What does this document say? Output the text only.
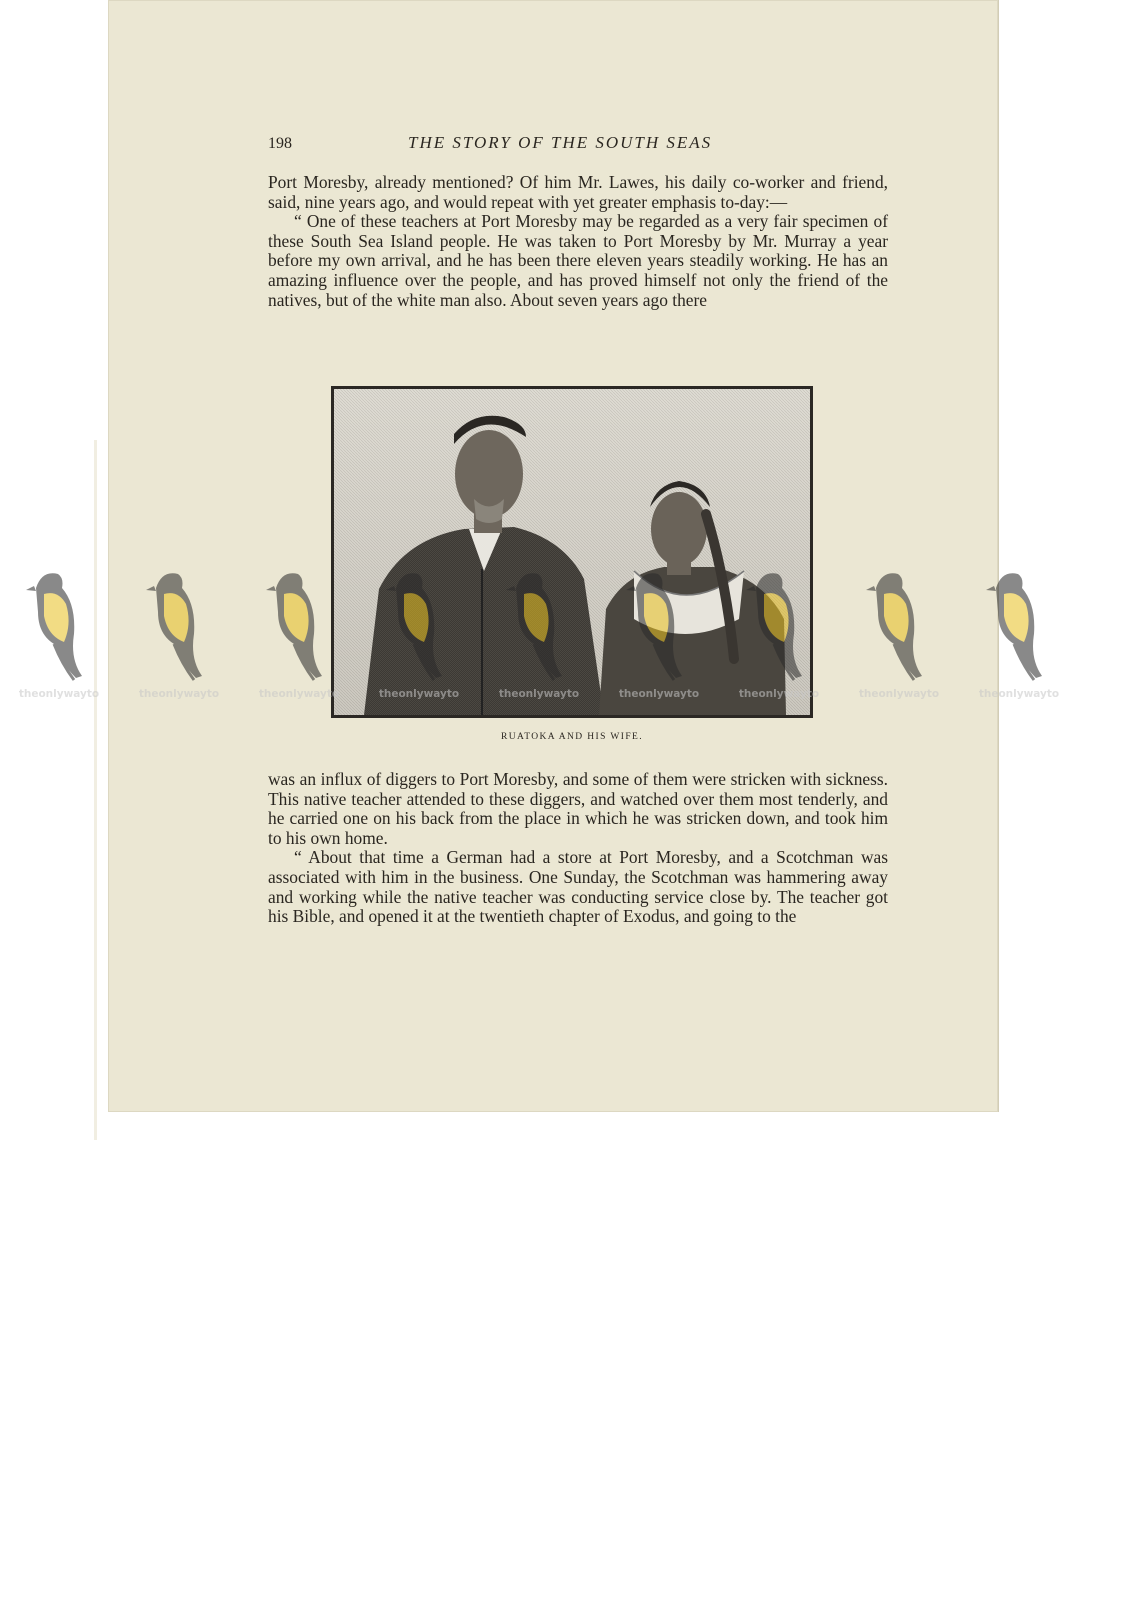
198	THE STORY OF THE SOUTH SEAS

Port Moresby, already mentioned? Of him Mr. Lawes, his daily co-worker and friend, said, nine years ago, and would repeat with yet greater emphasis to-day:—

“ One of these teachers at Port Moresby may be regarded as a very fair specimen of these South Sea Island people. He was taken to Port Moresby by Mr. Murray a year before my own arrival, and he has been there eleven years steadily working. He has an amazing influence over the people, and has proved himself not only the friend of the natives, but of the white man also. About seven years ago there

RUATOKA AND HIS WIFE.

was an influx of diggers to Port Moresby, and some of them were stricken with sickness. This native teacher attended to these diggers, and watched over them most tenderly, and he carried one on his back from the place in which he was stricken down, and took him to his own home.

“ About that time a German had a store at Port Moresby, and a Scotchman was associated with him in the business. One Sunday, the Scotchman was hammering away and working while the native teacher was conducting service close by. The teacher got his Bible, and opened it at the twentieth chapter of Exodus, and going to the

theonlywayto	theonlywayto	theonlywayto	theonlywayto	theonlywayto	theonlywayto	theonlywayto	theonlywayto	theonlywayto
